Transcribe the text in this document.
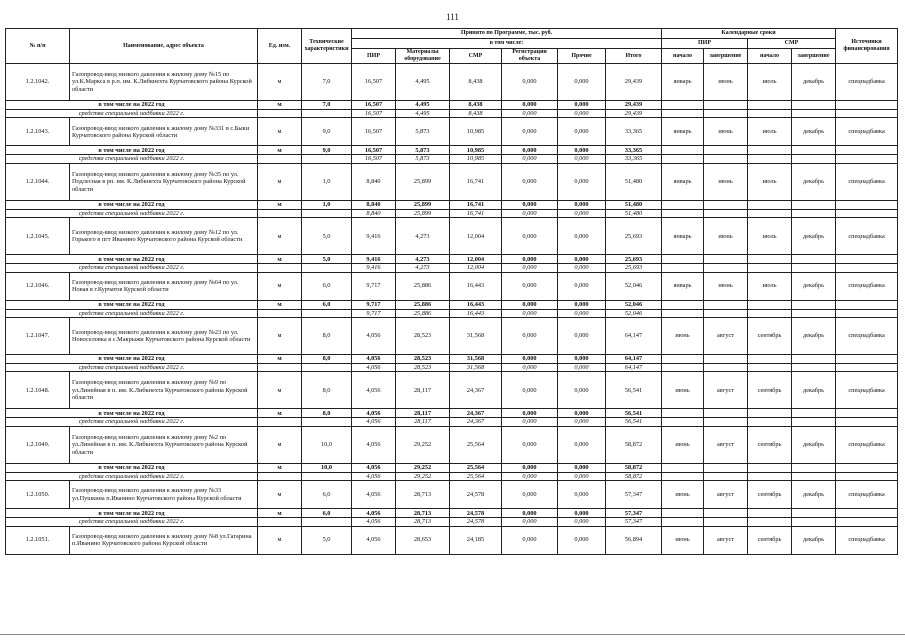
111
№ п/п	Наименование, адрес объекта	Ед. изм.	Технические характеристики	Принято по Программе, тыс. руб.						Календарные сроки				Источники финансирования
				в том числе:						ПИР		СМР		
				ПИР	Материалы оборудование	СМР	Регистрация объекта	Прочие	Итого	начало	завершение	начало	завершение	
1.2.1042.	Газопровод-ввод низкого давления к жилому дому №15 по ул.К.Маркса в р.п. им. К.Либкнехта Курчатовского района Курской области	м	7,0	16,507	4,495	8,438	0,000	0,000	29,439	январь	июнь	июль	декабрь	спецнадбавка
в том числе на 2022 год		м	7,0	16,507	4,495	8,438	0,000	0,000	29,439					
средства специальной надбавки 2022 г.				16,507	4,495	8,438	0,000	0,000	29,439					
1.2.1043.	Газопровод-ввод низкого давления к жилому дому №331 в с.Быки Курчатовского района Курской области	м	9,0	16,507	5,873	10,985	0,000	0,000	33,365	январь	июнь	июль	декабрь	спецнадбавка
в том числе на 2022 год		м	9,0	16,507	5,873	10,985	0,000	0,000	33,365					
средства специальной надбавки 2022 г.				16,507	5,873	10,985	0,000	0,000	33,365					
1.2.1044.	Газопровод-ввод низкого давления к жилому дому №35 по ул. Подлесная в рп. им. К.Либкнехта Курчатовского района Курской области	м	1,0	8,840	25,899	16,741	0,000	0,000	51,480	январь	июнь	июль	декабрь	спецнадбавка
в том числе на 2022 год		м	1,0	8,840	25,899	16,741	0,000	0,000	51,480					
средства специальной надбавки 2022 г.				8,840	25,899	16,741	0,000	0,000	51,480					
1.2.1045.	Газопровод-ввод низкого давления к жилому дому №12 по ул. Горького в пгт Иванино Курчатовского района Курской области	м	5,0	9,416	4,273	12,004	0,000	0,000	25,693	январь	июнь	июль	декабрь	спецнадбавка
в том числе на 2022 год		м	5,0	9,416	4,273	12,004	0,000	0,000	25,693					
средства специальной надбавки 2022 г.				9,416	4,273	12,004	0,000	0,000	25,693					
1.2.1046.	Газопровод-ввод низкого давления к жилому дому №64 по ул. Новая в г.Курчатов Курской области	м	6,0	9,717	25,886	16,443	0,000	0,000	52,046	январь	июнь	июль	декабрь	спецнадбавка
в том числе на 2022 год		м	6,0	9,717	25,886	16,443	0,000	0,000	52,046					
средства специальной надбавки 2022 г.				9,717	25,886	16,443	0,000	0,000	52,046					
1.2.1047.	Газопровод-ввод низкого давления к жилому дому №23 по ул. Новоселовка в с.Макрыжи Курчатовского района Курской области	м	8,0	4,056	28,523	31,568	0,000	0,000	64,147	июнь	август	сентябрь	декабрь	спецнадбавка
в том числе на 2022 год		м	8,0	4,056	28,523	31,568	0,000	0,000	64,147					
средства специальной надбавки 2022 г.				4,056	28,523	31,568	0,000	0,000	64,147					
1.2.1048.	Газопровод-ввод низкого давления к жилому дому №9 по ул.Линейная в п. им. К.Либкнехта Курчатовского района Курской области	м	8,0	4,056	28,117	24,367	0,000	0,000	56,541	июнь	август	сентябрь	декабрь	спецнадбавка
в том числе на 2022 год		м	8,0	4,056	28,117	24,367	0,000	0,000	56,541					
средства специальной надбавки 2022 г.				4,056	28,117	24,367	0,000	0,000	56,541					
1.2.1049.	Газопровод-ввод низкого давления к жилому дому №2 по ул.Линейная в п. им. К.Либкнехта Курчатовского района Курской области	м	10,0	4,056	29,252	25,564	0,000	0,000	58,872	июнь	август	сентябрь	декабрь	спецнадбавка
в том числе на 2022 год		м	10,0	4,056	29,252	25,564	0,000	0,000	58,872					
средства специальной надбавки 2022 г.				4,056	29,252	25,564	0,000	0,000	58,872					
1.2.1050.	Газопровод-ввод низкого давления к жилому дому №33 ул.Пушкина п.Иванино Курчатовского района Курской области	м	6,0	4,056	28,713	24,578	0,000	0,000	57,347	июнь	август	сентябрь	декабрь	спецнадбавка
в том числе на 2022 год		м	6,0	4,056	28,713	24,578	0,000	0,000	57,347					
средства специальной надбавки 2022 г.				4,056	28,713	24,578	0,000	0,000	57,347					
1.2.1051.	Газопровод-ввод низкого давления к жилому дому №8 ул.Гагарина п.Иванино Курчатовского района Курской области	м	5,0	4,056	28,653	24,185	0,000	0,000	56,894	июнь	август	сентябрь	декабрь	спецнадбавка
